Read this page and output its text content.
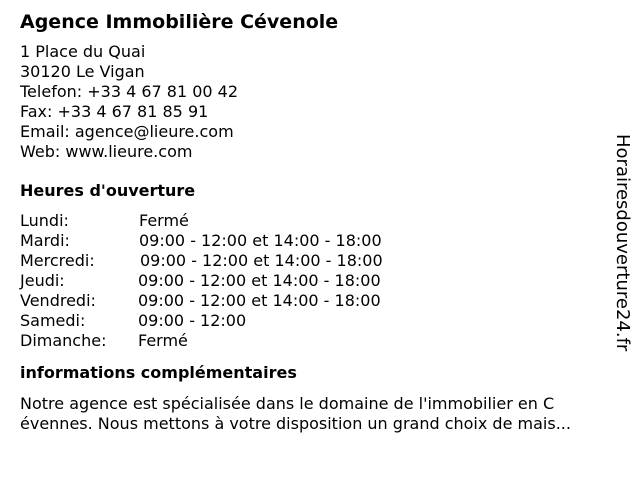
Agence Immobilière Cévenole
1 Place du Quai
30120 Le Vigan
Telefon: +33 4 67 81 00 42
Fax: +33 4 67 81 85 91
Email: agence@lieure.com
Web: www.lieure.com
Heures d'ouverture
Lundi:	Fermé
Mardi:	09:00 - 12:00 et 14:00 - 18:00
Mercredi:	09:00 - 12:00 et 14:00 - 18:00
Jeudi:	09:00 - 12:00 et 14:00 - 18:00
Vendredi:	09:00 - 12:00 et 14:00 - 18:00
Samedi:	09:00 - 12:00
Dimanche: Fermé
informations complémentaires
Notre agence est spécialisée dans le domaine de l'immobilier en C
évennes. Nous mettons à votre disposition un grand choix de mais...
Horairesdouverture24.fr
